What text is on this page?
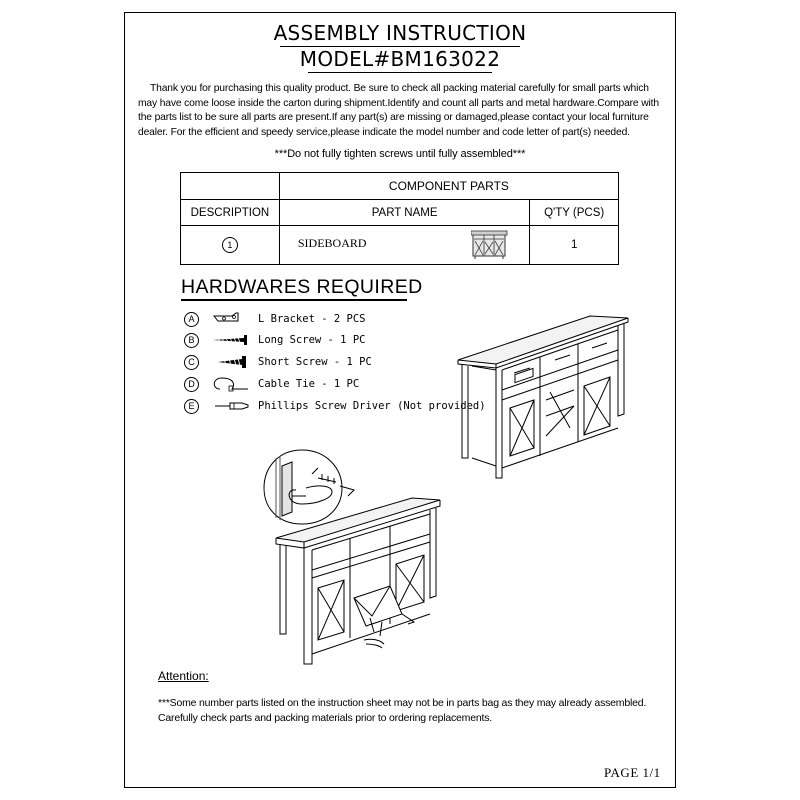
ASSEMBLY INSTRUCTION
MODEL#BM163022
Thank you for purchasing this quality product. Be sure to check all packing material carefully for small parts which may have come loose inside the carton during shipment.Identify and count all parts and metal hardware.Compare with the parts list to be sure all parts are present.If any part(s) are missing or damaged,please contact your local furniture dealer. For the efficient and speedy service,please indicate the model number and code letter of part(s) needed.
***Do not fully tighten screws until fully assembled***
	COMPONENT PARTS	
DESCRIPTION	PART NAME	Q'TY (PCS)
1	SIDEBOARD	1
HARDWARES REQUIRED
A	L Bracket - 2 PCS
B	Long Screw - 1 PC
C	Short Screw - 1 PC
D	Cable Tie - 1 PC
E	Phillips Screw Driver (Not provided)
Attention:
***Some number parts listed on the instruction sheet may not be in parts bag as they may already assembled. Carefully check parts and packing materials prior to ordering replacements.
PAGE 1/1
